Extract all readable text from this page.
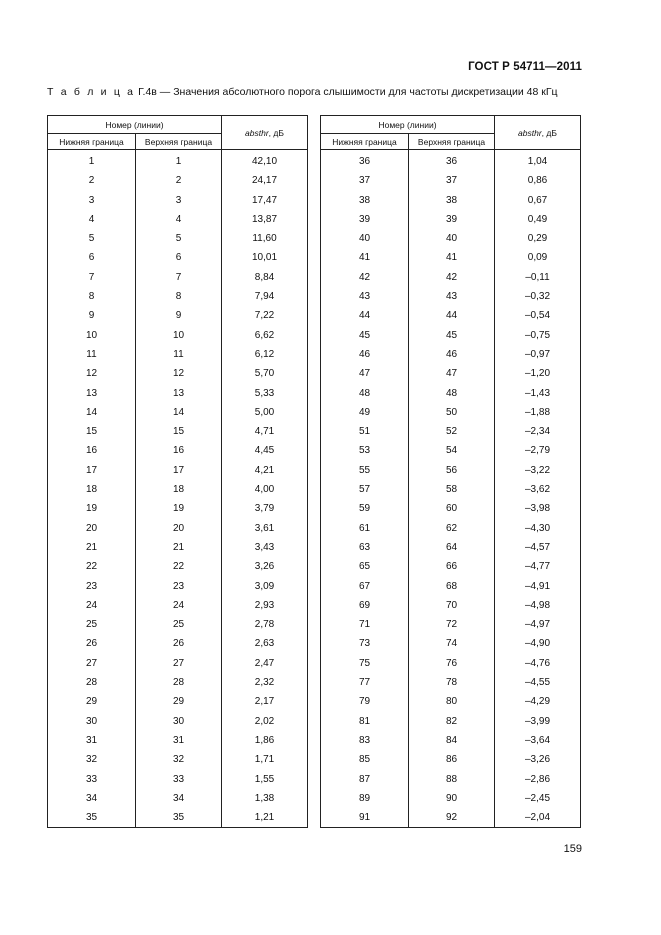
ГОСТ Р 54711—2011
Т а б л и ц а Г.4в — Значения абсолютного порога слышимости для частоты дискретизации 48 кГц
Номер (линии)		absthr, дБ
Нижняя граница	Верхняя граница	
1	1	42,10
2	2	24,17
3	3	17,47
4	4	13,87
5	5	11,60
6	6	10,01
7	7	8,84
8	8	7,94
9	9	7,22
10	10	6,62
11	11	6,12
12	12	5,70
13	13	5,33
14	14	5,00
15	15	4,71
16	16	4,45
17	17	4,21
18	18	4,00
19	19	3,79
20	20	3,61
21	21	3,43
22	22	3,26
23	23	3,09
24	24	2,93
25	25	2,78
26	26	2,63
27	27	2,47
28	28	2,32
29	29	2,17
30	30	2,02
31	31	1,86
32	32	1,71
33	33	1,55
34	34	1,38
35	35	1,21
Номер (линии)		absthr, дБ
Нижняя граница	Верхняя граница	
36	36	1,04
37	37	0,86
38	38	0,67
39	39	0,49
40	40	0,29
41	41	0,09
42	42	–0,11
43	43	–0,32
44	44	–0,54
45	45	–0,75
46	46	–0,97
47	47	–1,20
48	48	–1,43
49	50	–1,88
51	52	–2,34
53	54	–2,79
55	56	–3,22
57	58	–3,62
59	60	–3,98
61	62	–4,30
63	64	–4,57
65	66	–4,77
67	68	–4,91
69	70	–4,98
71	72	–4,97
73	74	–4,90
75	76	–4,76
77	78	–4,55
79	80	–4,29
81	82	–3,99
83	84	–3,64
85	86	–3,26
87	88	–2,86
89	90	–2,45
91	92	–2,04
159
